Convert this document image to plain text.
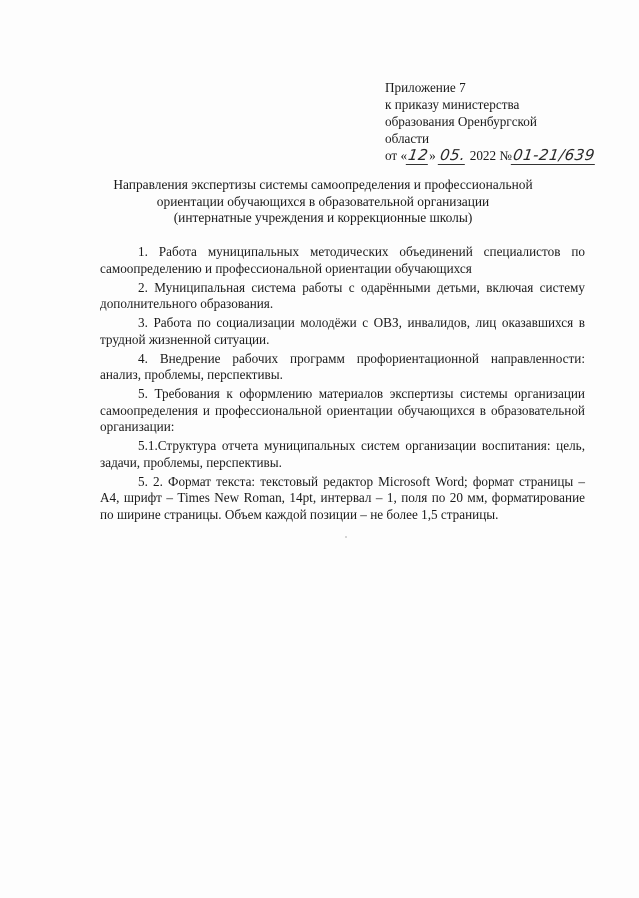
Приложение 7
к приказу министерства
образования Оренбургской
области
от «12» 05. 2022 №01-21/639
Направления экспертизы системы самоопределения и профессиональной
ориентации обучающихся в образовательной организации
(интернатные учреждения и коррекционные школы)

1. Работа муниципальных методических объединений специалистов по самоопределению и профессиональной ориентации обучающихся

2. Муниципальная система работы с одарёнными детьми, включая систему дополнительного образования.

3. Работа по социализации молодёжи с ОВЗ, инвалидов, лиц оказавшихся в трудной жизненной ситуации.

4. Внедрение рабочих программ профориентационной направленности: анализ, проблемы, перспективы.

5. Требования к оформлению материалов экспертизы системы организации самоопределения и профессиональной ориентации обучающихся в образовательной организации:

5.1.Структура отчета муниципальных систем организации воспитания: цель, задачи, проблемы, перспективы.

5. 2. Формат текста: текстовый редактор Microsoft Word; формат страницы – А4, шрифт – Times New Roman, 14pt, интервал – 1, поля по 20 мм, форматирование по ширине страницы. Объем каждой позиции – не более 1,5 страницы.
